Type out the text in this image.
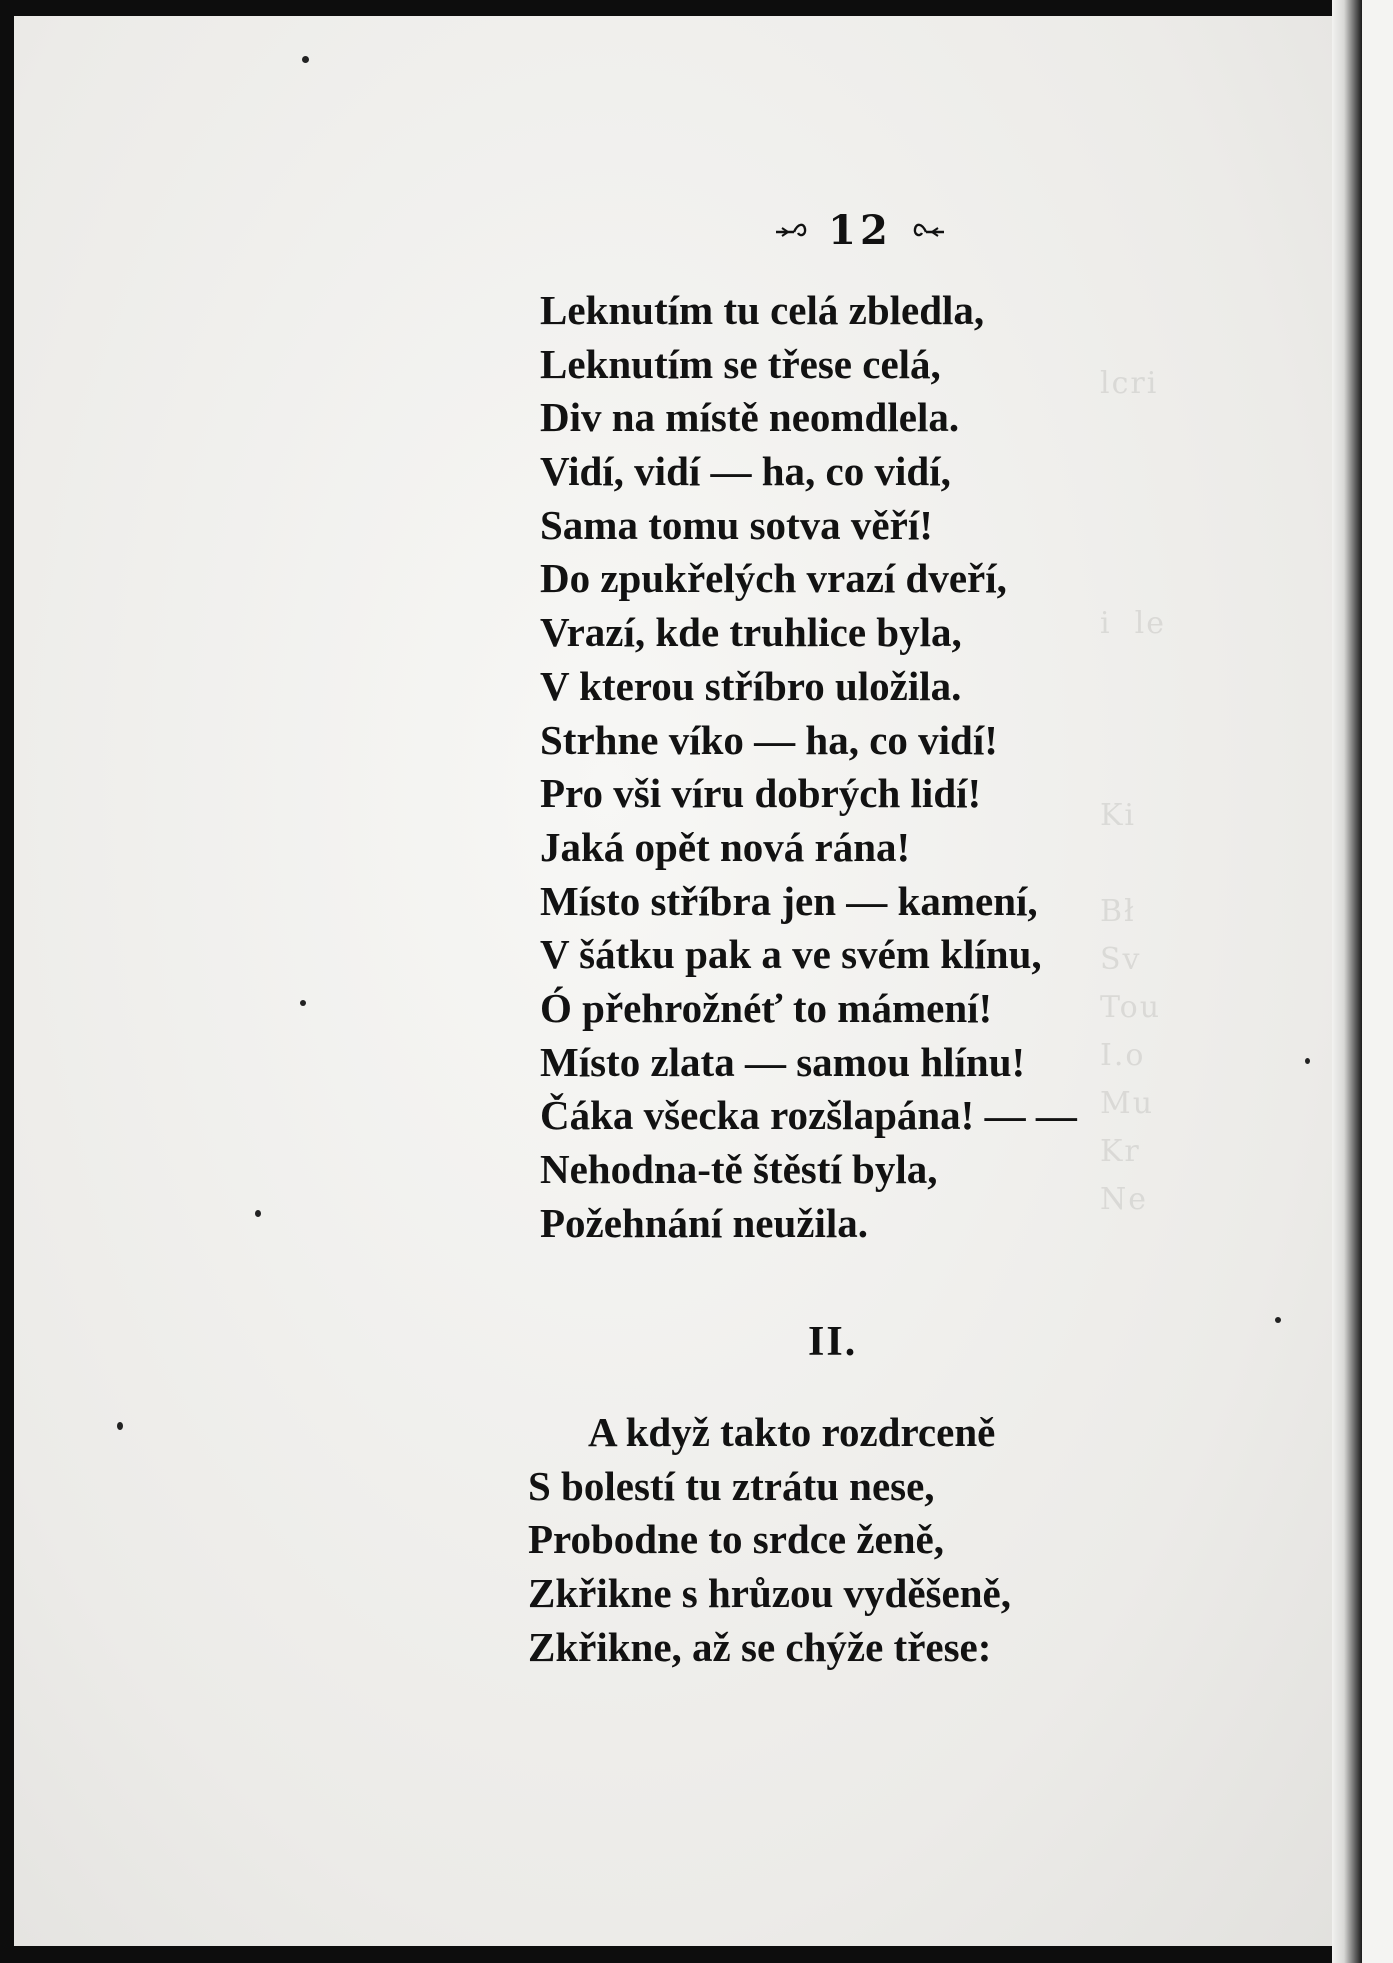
lcri

i  le

Ki

Bł
Sv
Tou
I.o
Mu
Kr
Ne
12
Leknutím tu celá zbledla,
Leknutím se třese celá,
Div na místě neomdlela.
Vidí, vidí — ha, co vidí,
Sama tomu sotva věří!
Do zpukřelých vrazí dveří,
Vrazí, kde truhlice byla,
V kterou stříbro uložila.
Strhne víko — ha, co vidí!
Pro vši víru dobrých lidí!
Jaká opět nová rána!
Místo stříbra jen — kamení,
V šátku pak a ve svém klínu,
Ó přehrožnéť to mámení!
Místo zlata — samou hlínu!
Čáka všecka rozšlapána! — —
Nehodna-tě štěstí byla,
Požehnání neužila.
II.
A když takto rozdrceně
S bolestí tu ztrátu nese,
Probodne to srdce ženě,
Zkřikne s hrůzou vyděšeně,
Zkřikne, až se chýže třese:
